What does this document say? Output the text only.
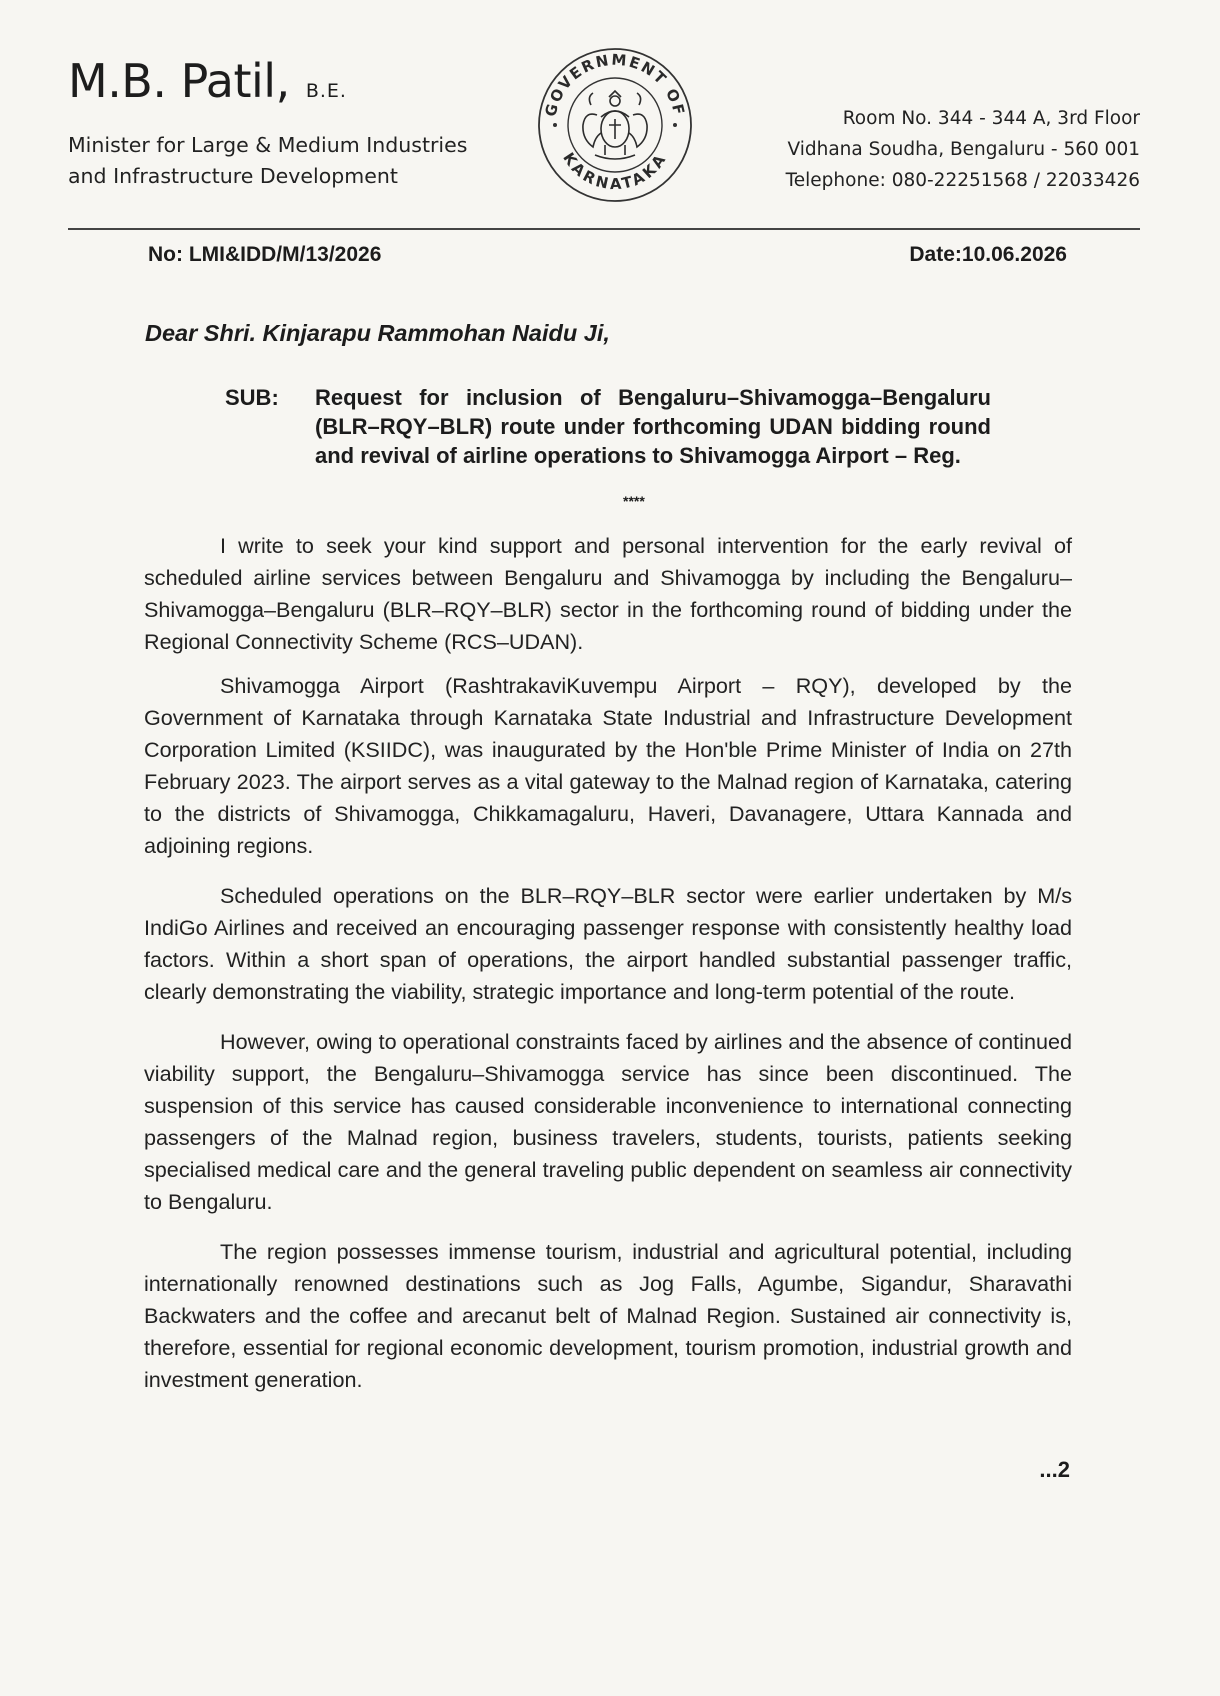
M.B. Patil, B.E.
Minister for Large & Medium Industries
and Infrastructure Development
GOVERNMENT OF
KARNATAKA
Room No. 344 - 344 A, 3rd Floor
Vidhana Soudha, Bengaluru - 560 001
Telephone: 080-22251568 / 22033426
No: LMI&IDD/M/13/2026	Date:10.06.2026
Dear Shri. Kinjarapu Rammohan Naidu Ji,
SUB: Request for inclusion of Bengaluru–Shivamogga–Bengaluru (BLR–RQY–BLR) route under forthcoming UDAN bidding round and revival of airline operations to Shivamogga Airport – Reg.
****

I write to seek your kind support and personal intervention for the early revival of scheduled airline services between Bengaluru and Shivamogga by including the Bengaluru–Shivamogga–Bengaluru (BLR–RQY–BLR) sector in the forthcoming round of bidding under the Regional Connectivity Scheme (RCS–UDAN).

Shivamogga Airport (RashtrakaviKuvempu Airport – RQY), developed by the Government of Karnataka through Karnataka State Industrial and Infrastructure Development Corporation Limited (KSIIDC), was inaugurated by the Hon'ble Prime Minister of India on 27th February 2023. The airport serves as a vital gateway to the Malnad region of Karnataka, catering to the districts of Shivamogga, Chikkamagaluru, Haveri, Davanagere, Uttara Kannada and adjoining regions.

Scheduled operations on the BLR–RQY–BLR sector were earlier undertaken by M/s IndiGo Airlines and received an encouraging passenger response with consistently healthy load factors. Within a short span of operations, the airport handled substantial passenger traffic, clearly demonstrating the viability, strategic importance and long-term potential of the route.

However, owing to operational constraints faced by airlines and the absence of continued viability support, the Bengaluru–Shivamogga service has since been discontinued. The suspension of this service has caused considerable inconvenience to international connecting passengers of the Malnad region, business travelers, students, tourists, patients seeking specialised medical care and the general traveling public dependent on seamless air connectivity to Bengaluru.

The region possesses immense tourism, industrial and agricultural potential, including internationally renowned destinations such as Jog Falls, Agumbe, Sigandur, Sharavathi Backwaters and the coffee and arecanut belt of Malnad Region. Sustained air connectivity is, therefore, essential for regional economic development, tourism promotion, industrial growth and investment generation.

...2
